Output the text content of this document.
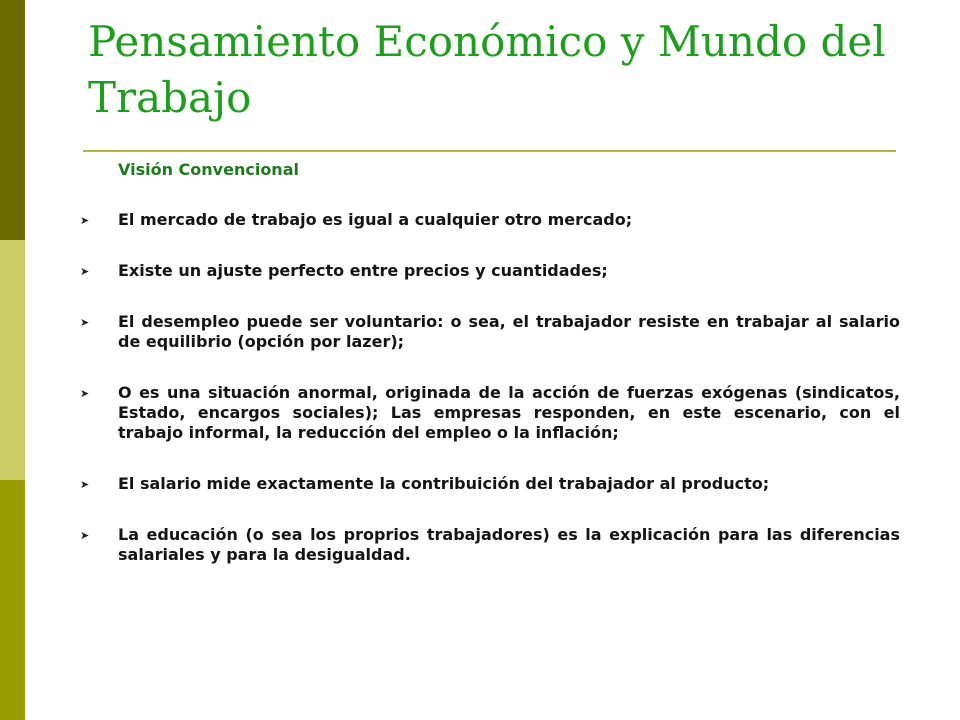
Pensamiento Económico y Mundo del Trabajo

Visión Convencional

➤ El mercado de trabajo es igual a cualquier otro mercado;
➤ Existe un ajuste perfecto entre precios y cuantidades;
➤ El desempleo puede ser voluntario: o sea, el trabajador resiste en trabajar al salario de equilibrio (opción por lazer);
➤ O es una situación anormal, originada de la acción de fuerzas exógenas (sindicatos, Estado, encargos sociales); Las empresas responden, en este escenario, con el trabajo informal, la reducción del empleo o la inflación;
➤ El salario mide exactamente la contribuición del trabajador al producto;
➤ La educación (o sea los proprios trabajadores) es la explicación para las diferencias salariales y para la desigualdad.
